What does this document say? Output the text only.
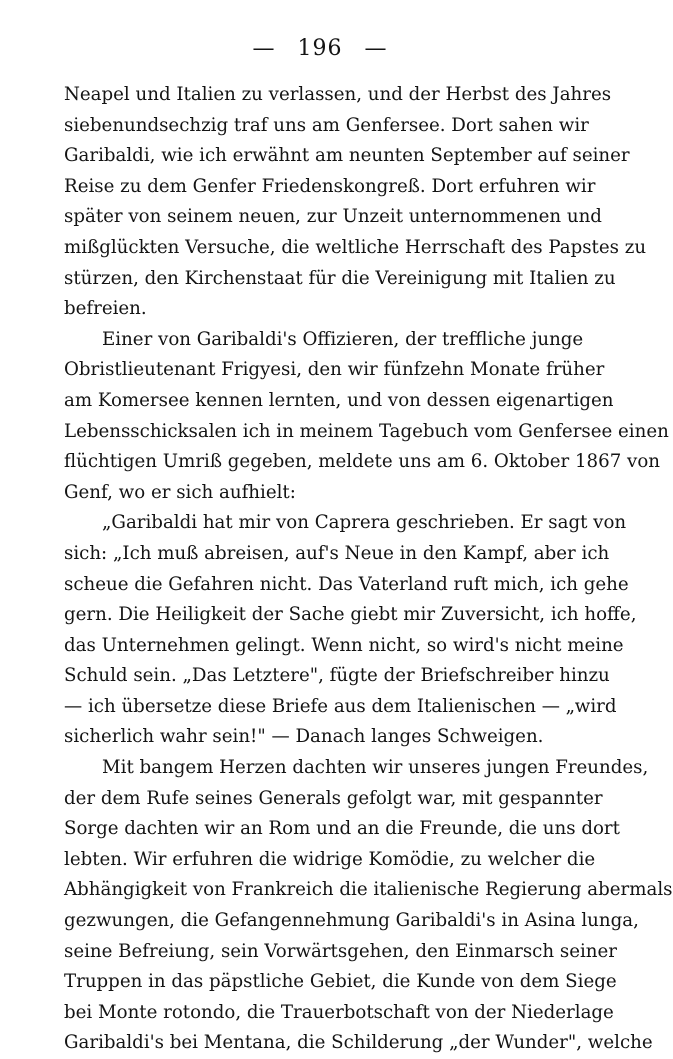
— 196 —
Neapel und Italien zu verlassen, und der Herbst des Jahres
siebenundsechzig traf uns am Genfersee. Dort sahen wir
Garibaldi, wie ich erwähnt am neunten September auf seiner
Reise zu dem Genfer Friedenskongreß. Dort erfuhren wir
später von seinem neuen, zur Unzeit unternommenen und
mißglückten Versuche, die weltliche Herrschaft des Papstes zu
stürzen, den Kirchenstaat für die Vereinigung mit Italien zu
befreien.
Einer von Garibaldi's Offizieren, der treffliche junge
Obristlieutenant Frigyesi, den wir fünfzehn Monate früher
am Komersee kennen lernten, und von dessen eigenartigen
Lebensschicksalen ich in meinem Tagebuch vom Genfersee einen
flüchtigen Umriß gegeben, meldete uns am 6. Oktober 1867 von
Genf, wo er sich aufhielt:
„Garibaldi hat mir von Caprera geschrieben. Er sagt von
sich: „Ich muß abreisen, auf's Neue in den Kampf, aber ich
scheue die Gefahren nicht. Das Vaterland ruft mich, ich gehe
gern. Die Heiligkeit der Sache giebt mir Zuversicht, ich hoffe,
das Unternehmen gelingt. Wenn nicht, so wird's nicht meine
Schuld sein. „Das Letztere", fügte der Briefschreiber hinzu
— ich übersetze diese Briefe aus dem Italienischen — „wird
sicherlich wahr sein!" — Danach langes Schweigen.
Mit bangem Herzen dachten wir unseres jungen Freundes,
der dem Rufe seines Generals gefolgt war, mit gespannter
Sorge dachten wir an Rom und an die Freunde, die uns dort
lebten. Wir erfuhren die widrige Komödie, zu welcher die
Abhängigkeit von Frankreich die italienische Regierung abermals
gezwungen, die Gefangennehmung Garibaldi's in Asina lunga,
seine Befreiung, sein Vorwärtsgehen, den Einmarsch seiner
Truppen in das päpstliche Gebiet, die Kunde von dem Siege
bei Monte rotondo, die Trauerbotschaft von der Niederlage
Garibaldi's bei Mentana, die Schilderung „der Wunder", welche
